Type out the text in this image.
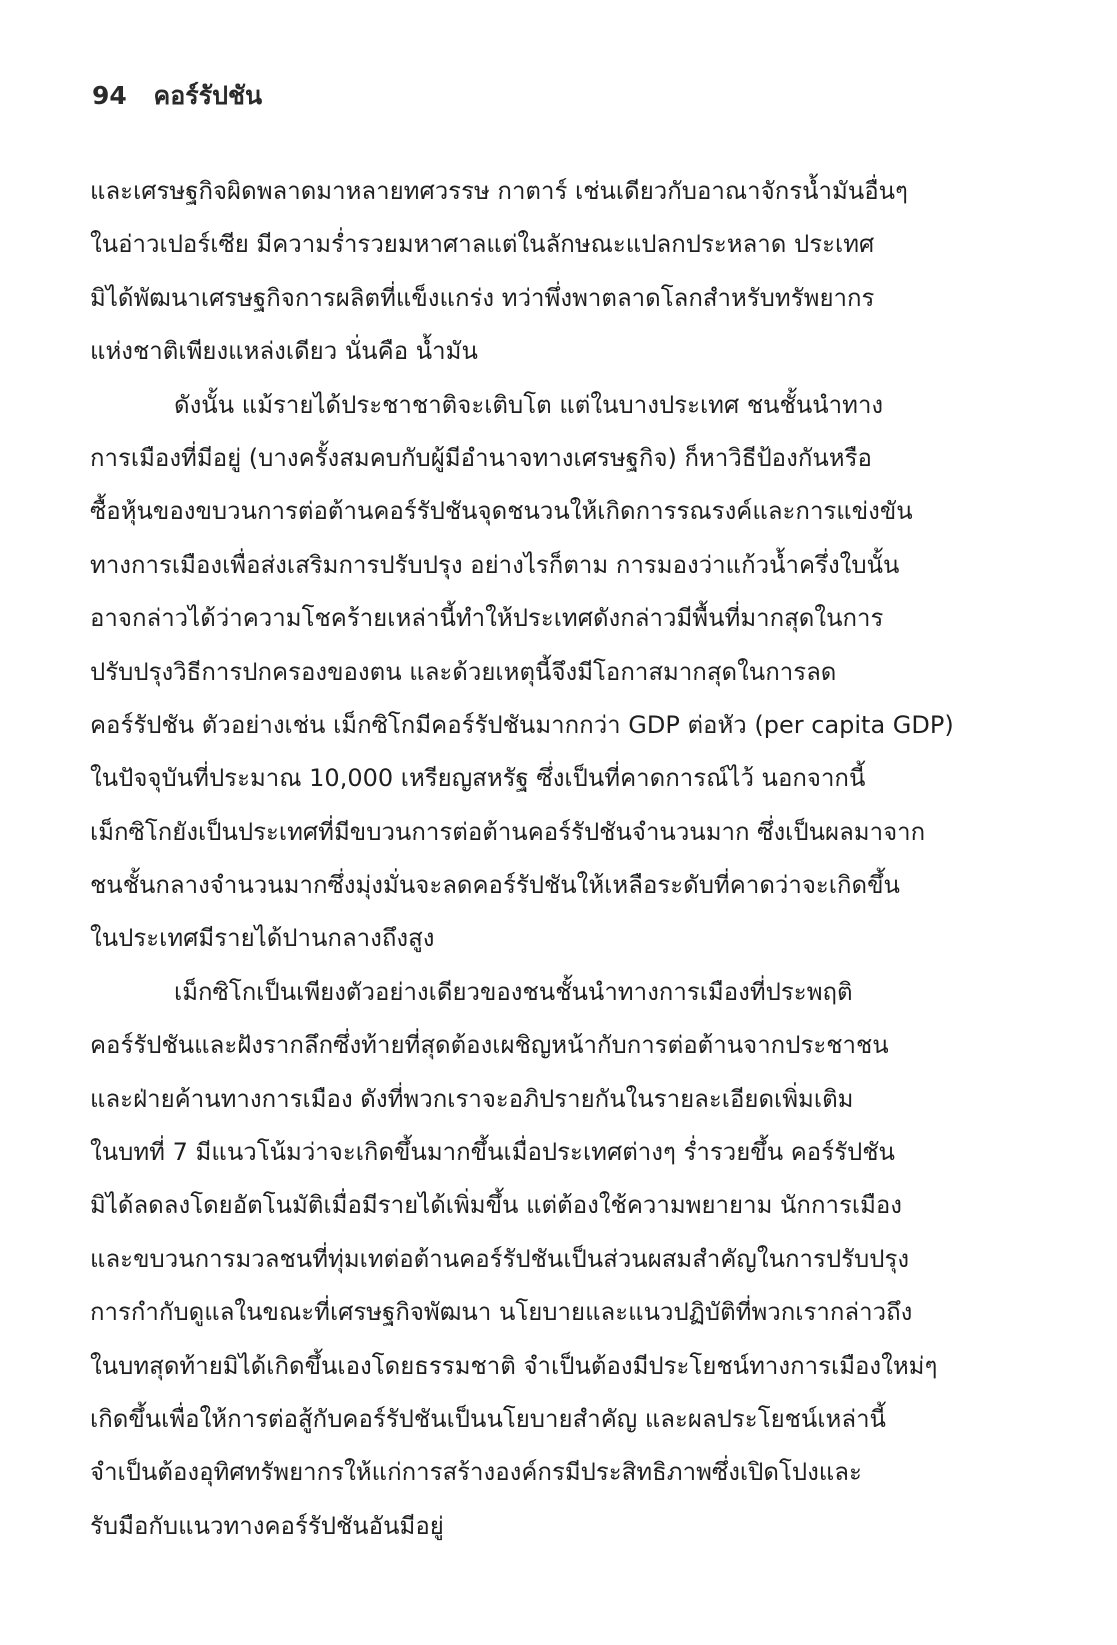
94 คอร์รัปชัน
และเศรษฐกิจผิดพลาดมาหลายทศวรรษ กาตาร์ เช่นเดียวกับอาณาจักรน้ำมันอื่นๆ
ในอ่าวเปอร์เซีย มีความร่ำรวยมหาศาลแต่ในลักษณะแปลกประหลาด ประเทศ
มิได้พัฒนาเศรษฐกิจการผลิตที่แข็งแกร่ง ทว่าพึ่งพาตลาดโลกสำหรับทรัพยากร
แห่งชาติเพียงแหล่งเดียว นั่นคือ น้ำมัน
ดังนั้น แม้รายได้ประชาชาติจะเติบโต แต่ในบางประเทศ ชนชั้นนำทาง
การเมืองที่มีอยู่ (บางครั้งสมคบกับผู้มีอำนาจทางเศรษฐกิจ) ก็หาวิธีป้องกันหรือ
ซื้อหุ้นของขบวนการต่อต้านคอร์รัปชันจุดชนวนให้เกิดการรณรงค์และการแข่งขัน
ทางการเมืองเพื่อส่งเสริมการปรับปรุง อย่างไรก็ตาม การมองว่าแก้วน้ำครึ่งใบนั้น
อาจกล่าวได้ว่าความโชคร้ายเหล่านี้ทำให้ประเทศดังกล่าวมีพื้นที่มากสุดในการ
ปรับปรุงวิธีการปกครองของตน และด้วยเหตุนี้จึงมีโอกาสมากสุดในการลด
คอร์รัปชัน ตัวอย่างเช่น เม็กซิโกมีคอร์รัปชันมากกว่า GDP ต่อหัว (per capita GDP)
ในปัจจุบันที่ประมาณ 10,000 เหรียญสหรัฐ ซึ่งเป็นที่คาดการณ์ไว้ นอกจากนี้
เม็กซิโกยังเป็นประเทศที่มีขบวนการต่อต้านคอร์รัปชันจำนวนมาก ซึ่งเป็นผลมาจาก
ชนชั้นกลางจำนวนมากซึ่งมุ่งมั่นจะลดคอร์รัปชันให้เหลือระดับที่คาดว่าจะเกิดขึ้น
ในประเทศมีรายได้ปานกลางถึงสูง
เม็กซิโกเป็นเพียงตัวอย่างเดียวของชนชั้นนำทางการเมืองที่ประพฤติ
คอร์รัปชันและฝังรากลึกซึ่งท้ายที่สุดต้องเผชิญหน้ากับการต่อต้านจากประชาชน
และฝ่ายค้านทางการเมือง ดังที่พวกเราจะอภิปรายกันในรายละเอียดเพิ่มเติม
ในบทที่ 7 มีแนวโน้มว่าจะเกิดขึ้นมากขึ้นเมื่อประเทศต่างๆ ร่ำรวยขึ้น คอร์รัปชัน
มิได้ลดลงโดยอัตโนมัติเมื่อมีรายได้เพิ่มขึ้น แต่ต้องใช้ความพยายาม นักการเมือง
และขบวนการมวลชนที่ทุ่มเทต่อต้านคอร์รัปชันเป็นส่วนผสมสำคัญในการปรับปรุง
การกำกับดูแลในขณะที่เศรษฐกิจพัฒนา นโยบายและแนวปฏิบัติที่พวกเรากล่าวถึง
ในบทสุดท้ายมิได้เกิดขึ้นเองโดยธรรมชาติ จำเป็นต้องมีประโยชน์ทางการเมืองใหม่ๆ
เกิดขึ้นเพื่อให้การต่อสู้กับคอร์รัปชันเป็นนโยบายสำคัญ และผลประโยชน์เหล่านี้
จำเป็นต้องอุทิศทรัพยากรให้แก่การสร้างองค์กรมีประสิทธิภาพซึ่งเปิดโปงและ
รับมือกับแนวทางคอร์รัปชันอันมีอยู่
